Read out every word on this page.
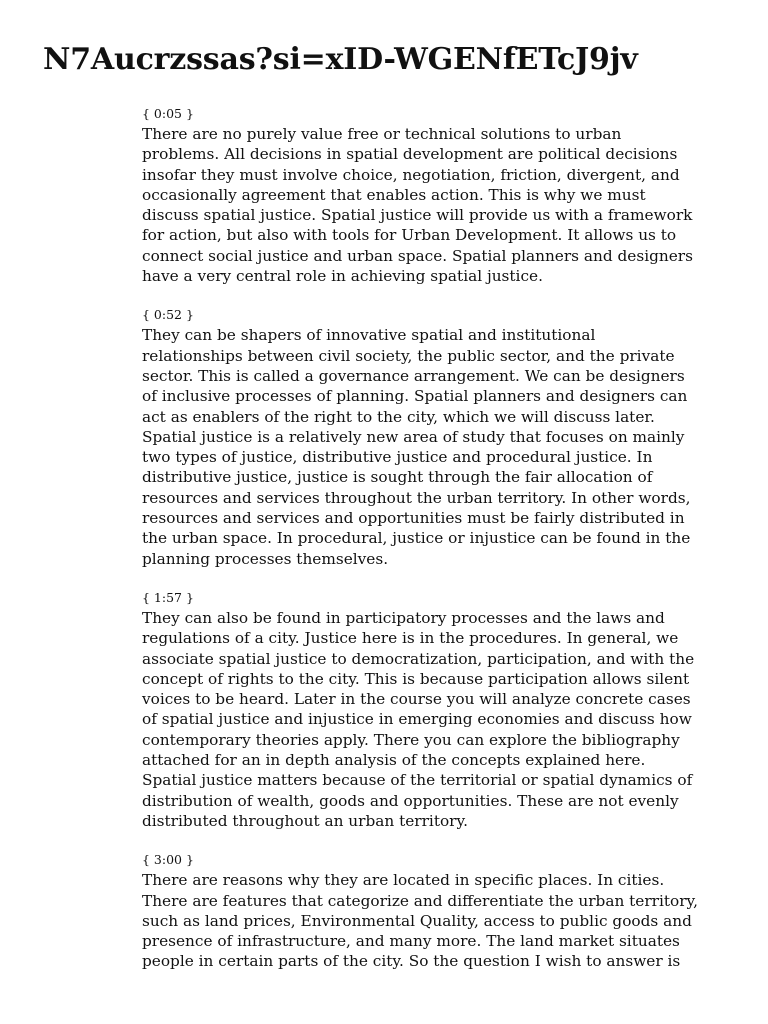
N7Aucrzssas?si=xID-WGENfETcJ9jv
{ 0:05 }
There are no purely value free or technical solutions to urban
problems. All decisions in spatial development are political decisions
insofar they must involve choice, negotiation, friction, divergent, and
occasionally agreement that enables action. This is why we must
discuss spatial justice. Spatial justice will provide us with a framework
for action, but also with tools for Urban Development. It allows us to
connect social justice and urban space. Spatial planners and designers
have a very central role in achieving spatial justice.
{ 0:52 }
They can be shapers of innovative spatial and institutional
relationships between civil society, the public sector, and the private
sector. This is called a governance arrangement. We can be designers
of inclusive processes of planning. Spatial planners and designers can
act as enablers of the right to the city, which we will discuss later.
Spatial justice is a relatively new area of study that focuses on mainly
two types of justice, distributive justice and procedural justice. In
distributive justice, justice is sought through the fair allocation of
resources and services throughout the urban territory. In other words,
resources and services and opportunities must be fairly distributed in
the urban space. In procedural, justice or injustice can be found in the
planning processes themselves.
{ 1:57 }
They can also be found in participatory processes and the laws and
regulations of a city. Justice here is in the procedures. In general, we
associate spatial justice to democratization, participation, and with the
concept of rights to the city. This is because participation allows silent
voices to be heard. Later in the course you will analyze concrete cases
of spatial justice and injustice in emerging economies and discuss how
contemporary theories apply. There you can explore the bibliography
attached for an in depth analysis of the concepts explained here.
Spatial justice matters because of the territorial or spatial dynamics of
distribution of wealth, goods and opportunities. These are not evenly
distributed throughout an urban territory.
{ 3:00 }
There are reasons why they are located in specific places. In cities.
There are features that categorize and differentiate the urban territory,
such as land prices, Environmental Quality, access to public goods and
presence of infrastructure, and many more. The land market situates
people in certain parts of the city. So the question I wish to answer is
